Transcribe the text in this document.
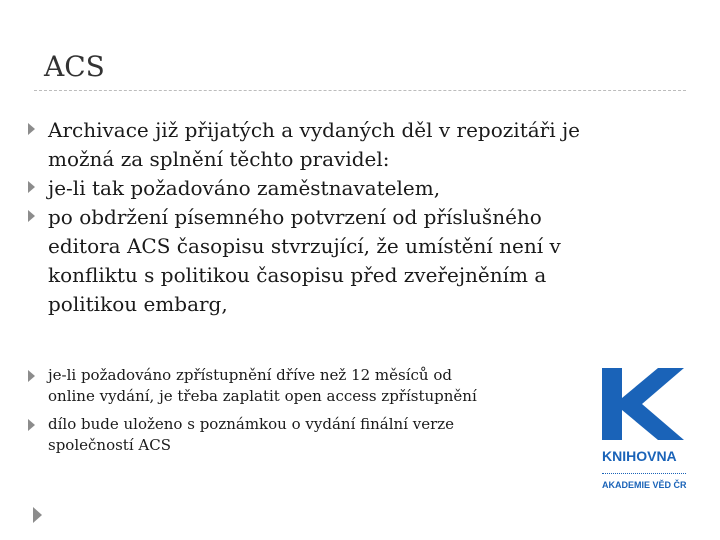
ACS
Archivace již přijatých a vydaných děl v repozitáři je
možná za splnění těchto pravidel:
je-li tak požadováno zaměstnavatelem,
po obdržení písemného potvrzení od příslušného
editora ACS časopisu stvrzující, že umístění není v
konfliktu s politikou časopisu před zveřejněním a
politikou embarg,
je-li požadováno zpřístupnění dříve než 12 měsíců od
online vydání, je třeba zaplatit open access zpřístupnění
dílo bude uloženo s poznámkou o vydání finální verze
společností ACS
KNIHOVNA
AKADEMIE VĚD ČR
